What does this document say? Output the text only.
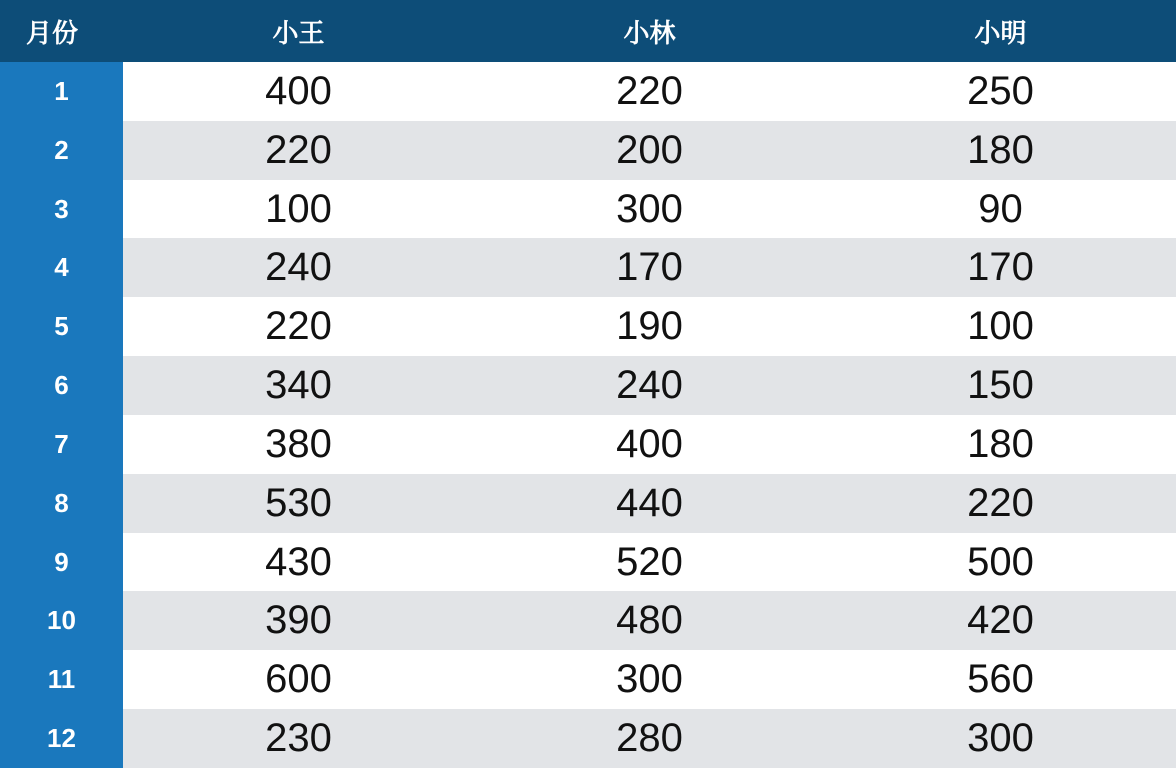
月份	小王	小林	小明
1	400	220	250
2	220	200	180
3	100	300	90
4	240	170	170
5	220	190	100
6	340	240	150
7	380	400	180
8	530	440	220
9	430	520	500
10	390	480	420
11	600	300	560
12	230	280	300
